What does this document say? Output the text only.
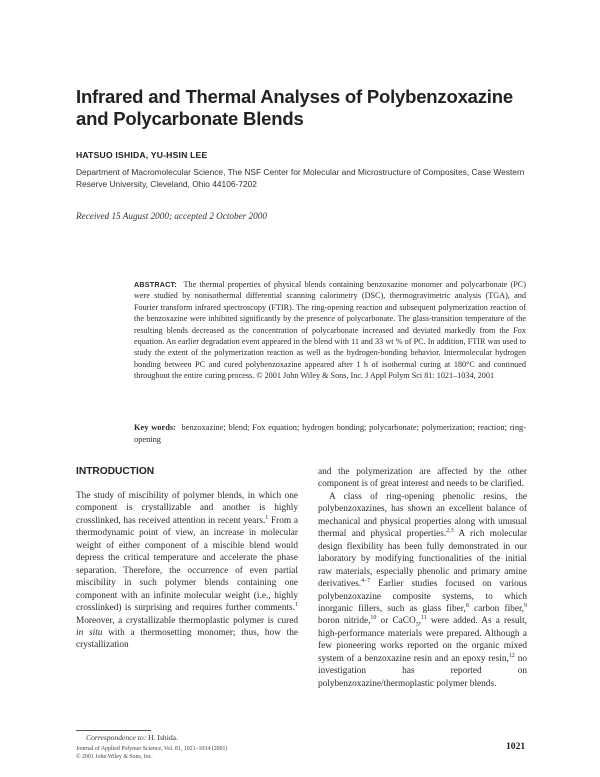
Infrared and Thermal Analyses of Polybenzoxazine and Polycarbonate Blends
HATSUO ISHIDA, YU-HSIN LEE
Department of Macromolecular Science, The NSF Center for Molecular and Microstructure of Composites, Case Western Reserve University, Cleveland, Ohio 44106-7202
Received 15 August 2000; accepted 2 October 2000
ABSTRACT: The thermal properties of physical blends containing benzoxazine monomer and polycarbonate (PC) were studied by nonisothermal differential scanning calorimetry (DSC), thermogravimetric analysis (TGA), and Fourier transform infrared spectroscopy (FTIR). The ring-opening reaction and subsequent polymerization reaction of the benzoxazine were inhibited significantly by the presence of polycarbonate. The glass-transition temperature of the resulting blends decreased as the concentration of polycarbonate increased and deviated markedly from the Fox equation. An earlier degradation event appeared in the blend with 11 and 33 wt % of PC. In addition, FTIR was used to study the extent of the polymerization reaction as well as the hydrogen-bonding behavior. Intermolecular hydrogen bonding between PC and cured polybenzoxazine appeared after 1 h of isothermal curing at 180°C and continued throughout the entire curing process. © 2001 John Wiley & Sons, Inc. J Appl Polym Sci 81: 1021–1034, 2001
Key words: benzoxazine; blend; Fox equation; hydrogen bonding; polycarbonate; polymerization; reaction; ring-opening
INTRODUCTION
The study of miscibility of polymer blends, in which one component is crystallizable and another is highly crosslinked, has received attention in recent years.$^1$ From a thermodynamic point of view, an increase in molecular weight of either component of a miscible blend would depress the critical temperature and accelerate the phase separation. Therefore, the occurrence of even partial miscibility in such polymer blends containing one component with an infinite molecular weight (i.e., highly crosslinked) is surprising and requires further comments.$^1$ Moreover, a crystallizable thermoplastic polymer is cured in situ with a thermosetting monomer; thus, how the crystallization
and the polymerization are affected by the other component is of great interest and needs to be clarified.
A class of ring-opening phenolic resins, the polybenzoxazines, has shown an excellent balance of mechanical and physical properties along with unusual thermal and physical properties.$^{2,3}$ A rich molecular design flexibility has been fully demonstrated in our laboratory by modifying functionalities of the initial raw materials, especially phenolic and primary amine derivatives.$^{4-7}$ Earlier studies focused on various polybenzoxazine composite systems, to which inorganic fillers, such as glass fiber,$^8$ carbon fiber,$^9$ boron nitride,$^{10}$ or CaCO$_3$,$^{11}$ were added. As a result, high-performance materials were prepared. Although a few pioneering works reported on the organic mixed system of a benzoxazine resin and an epoxy resin,$^{12}$ no investigation has reported on polybenzoxazine/thermoplastic polymer blends.
Correspondence to: H. Ishida.
Journal of Applied Polymer Science, Vol. 81, 1021–1034 (2001)
© 2001 John Wiley & Sons, Inc.
1021
